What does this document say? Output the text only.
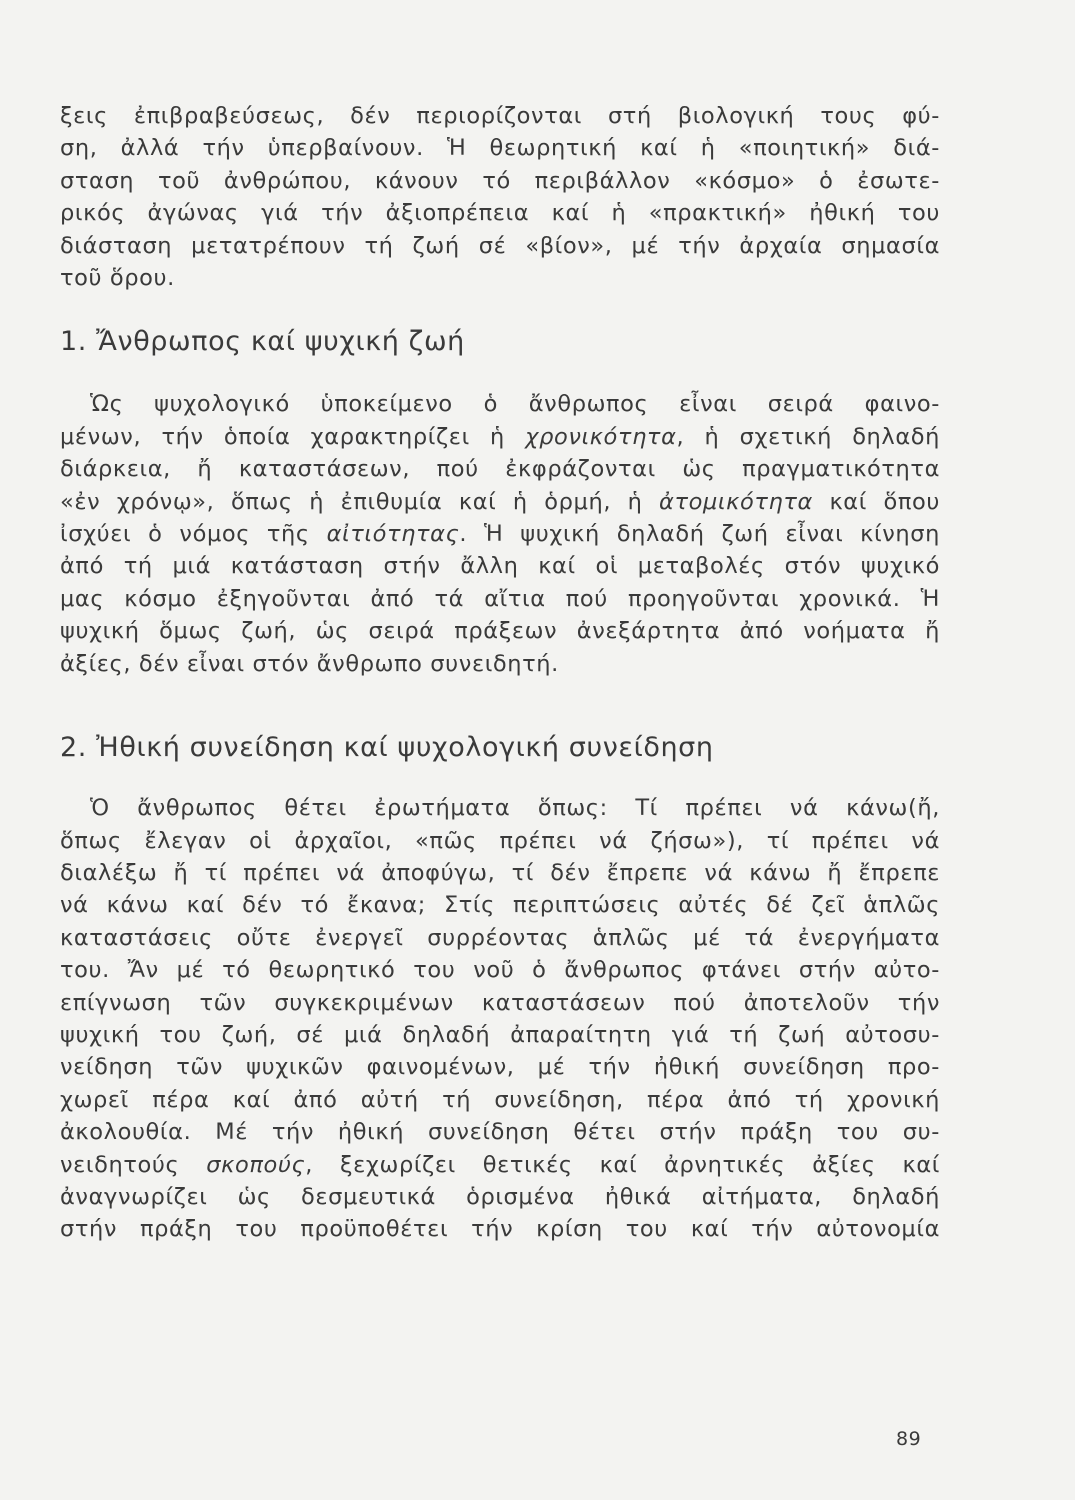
ξεις ἐπιβραβεύσεως, δέν περιορίζονται στή βιολογική τους φύ-
ση, ἀλλά τήν ὑπερβαίνουν. Ἡ θεωρητική καί ἡ «ποιητική» διά-
σταση τοῦ ἀνθρώπου, κάνουν τό περιβάλλον «κόσμο» ὁ ἐσωτε-
ρικός ἀγώνας γιά τήν ἀξιοπρέπεια καί ἡ «πρακτική» ἠθική του
διάσταση μετατρέπουν τή ζωή σέ «βίον», μέ τήν ἀρχαία σημασία
τοῦ ὅρου.
1. Ἄνθρωπος καί ψυχική ζωή
Ὡς ψυχολογικό ὑποκείμενο ὁ ἄνθρωπος εἶναι σειρά φαινο-
μένων, τήν ὁποία χαρακτηρίζει ἡ χρονικότητα, ἡ σχετική δηλαδή
διάρκεια, ἤ καταστάσεων, πού ἐκφράζονται ὡς πραγματικότητα
«ἐν χρόνῳ», ὅπως ἡ ἐπιθυμία καί ἡ ὁρμή, ἡ ἀτομικότητα καί ὅπου
ἰσχύει ὁ νόμος τῆς αἰτιότητας. Ἡ ψυχική δηλαδή ζωή εἶναι κίνηση
ἀπό τή μιά κατάσταση στήν ἄλλη καί οἱ μεταβολές στόν ψυχικό
μας κόσμο ἐξηγοῦνται ἀπό τά αἴτια πού προηγοῦνται χρονικά. Ἡ
ψυχική ὅμως ζωή, ὡς σειρά πράξεων ἀνεξάρτητα ἀπό νοήματα ἤ
ἀξίες, δέν εἶναι στόν ἄνθρωπο συνειδητή.
2. Ἠθική συνείδηση καί ψυχολογική συνείδηση
Ὁ ἄνθρωπος θέτει ἐρωτήματα ὅπως: Τί πρέπει νά κάνω(ἤ,
ὅπως ἔλεγαν οἱ ἀρχαῖοι, «πῶς πρέπει νά ζήσω»), τί πρέπει νά
διαλέξω ἤ τί πρέπει νά ἀποφύγω, τί δέν ἔπρεπε νά κάνω ἤ ἔπρεπε
νά κάνω καί δέν τό ἔκανα; Στίς περιπτώσεις αὐτές δέ ζεῖ ἁπλῶς
καταστάσεις οὔτε ἐνεργεῖ συρρέοντας ἁπλῶς μέ τά ἐνεργήματα
του. Ἄν μέ τό θεωρητικό του νοῦ ὁ ἄνθρωπος φτάνει στήν αὐτο-
επίγνωση τῶν συγκεκριμένων καταστάσεων πού ἀποτελοῦν τήν
ψυχική του ζωή, σέ μιά δηλαδή ἀπαραίτητη γιά τή ζωή αὐτοσυ-
νείδηση τῶν ψυχικῶν φαινομένων, μέ τήν ἠθική συνείδηση προ-
χωρεῖ πέρα καί ἀπό αὐτή τή συνείδηση, πέρα ἀπό τή χρονική
ἀκολουθία. Μέ τήν ἠθική συνείδηση θέτει στήν πράξη του συ-
νειδητούς σκοπούς, ξεχωρίζει θετικές καί ἀρνητικές ἀξίες καί
ἀναγνωρίζει ὡς δεσμευτικά ὁρισμένα ἠθικά αἰτήματα, δηλαδή
στήν πράξη του προϋποθέτει τήν κρίση του καί τήν αὐτονομία
89
